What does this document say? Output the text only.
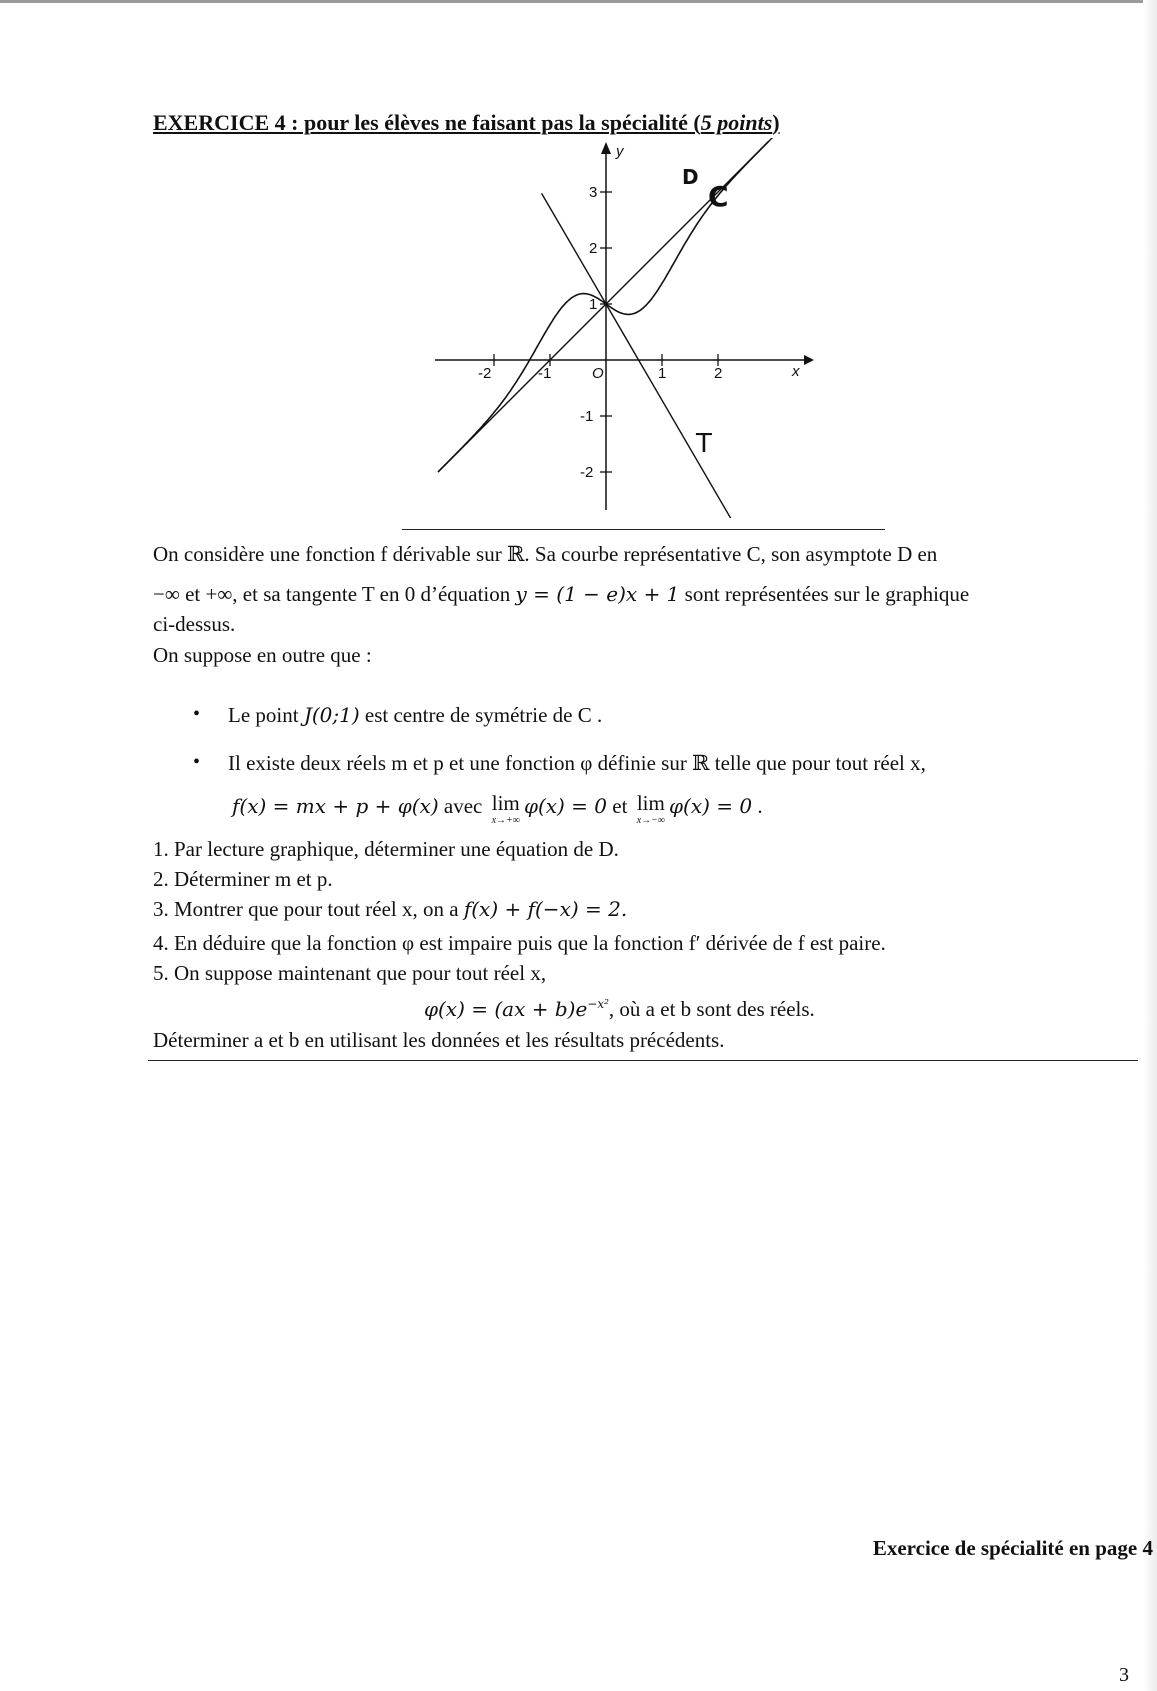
EXERCICE 4 : pour les élèves ne faisant pas la spécialité (5 points)
-2	-1	1	2
3
2
1
-1
-2
O	x
y
C
D
T
On considère une fonction f dérivable sur ℝ. Sa courbe représentative C, son asymptote D en
−∞ et +∞, et sa tangente T en 0 d’équation y = (1 − e)x + 1 sont représentées sur le graphique
ci-dessus.
On suppose en outre que :
• Le point J(0;1) est centre de symétrie de C .
• Il existe deux réels m et p et une fonction φ définie sur ℝ telle que pour tout réel x,
f(x) = mx + p + φ(x) avec lim
x→+∞
φ(x) = 0 et lim
x→−∞
φ(x) = 0 .
1. Par lecture graphique, déterminer une équation de D.
2. Déterminer m et p.
3. Montrer que pour tout réel x, on a f(x) + f(−x) = 2.
4. En déduire que la fonction φ est impaire puis que la fonction f′ dérivée de f est paire.
5. On suppose maintenant que pour tout réel x,
$\varphi(x) = (ax + b)e^{-x^2}$, où a et b sont des réels.
Déterminer a et b en utilisant les données et les résultats précédents.
Exercice de spécialité en page 4
3
